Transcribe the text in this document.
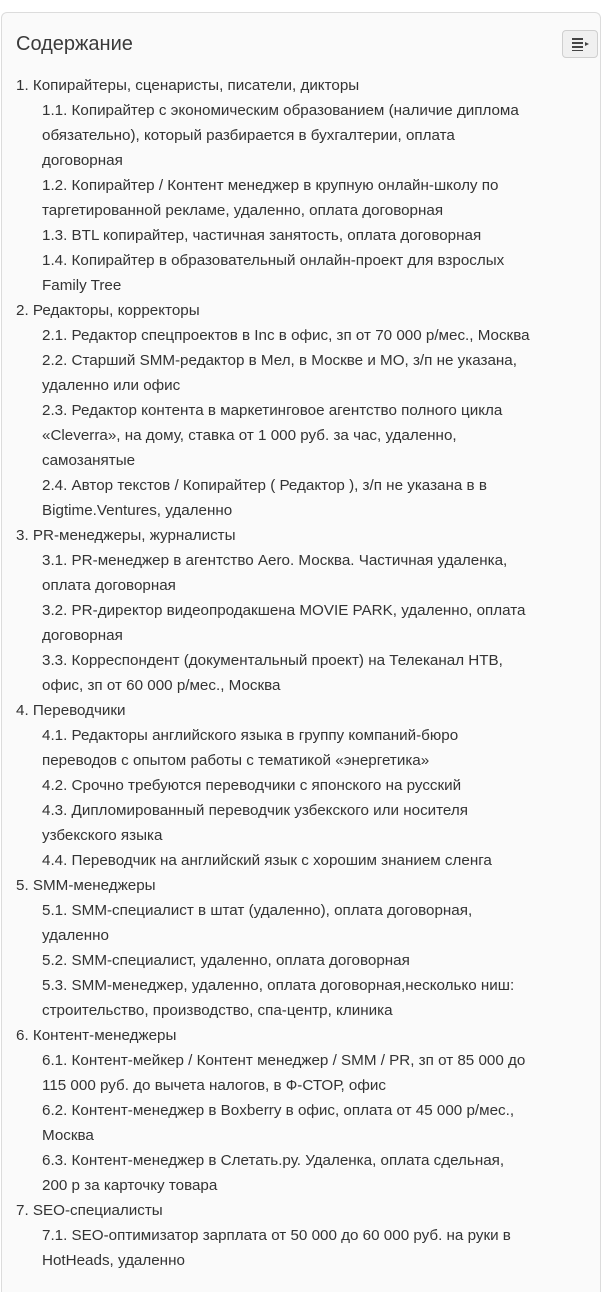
Содержание
1. Копирайтеры, сценаристы, писатели, дикторы
1.1. Копирайтер с экономическим образованием (наличие диплома
обязательно), который разбирается в бухгалтерии, оплата
договорная
1.2. Копирайтер / Контент менеджер в крупную онлайн-школу по
таргетированной рекламе, удаленно, оплата договорная
1.3. BTL копирайтер, частичная занятость, оплата договорная
1.4. Копирайтер в образовательный онлайн-проект для взрослых
Family Tree
2. Редакторы, корректоры
2.1. Редактор спецпроектов в Inc в офис, зп от 70 000 р/мес., Москва
2.2. Старший SMM-редактор в Мел, в Москве и МО, з/п не указана,
удаленно или офис
2.3. Редактор контента в маркетинговое агентство полного цикла
«Cleverra», на дому, ставка от 1 000 руб. за час, удаленно,
самозанятые
2.4. Автор текстов / Копирайтер ( Редактор ), з/п не указана в в
Bigtime.Ventures, удаленно
3. PR-менеджеры, журналисты
3.1. PR-менеджер в агентство Aero. Москва. Частичная удаленка,
оплата договорная
3.2. PR-директор видеопродакшена MOVIE PARK, удаленно, оплата
договорная
3.3. Корреспондент (документальный проект) на Телеканал НТВ,
офис, зп от 60 000 р/мес., Москва
4. Переводчики
4.1. Редакторы английского языка в группу компаний-бюро
переводов с опытом работы с тематикой «энергетика»
4.2. Срочно требуются переводчики с японского на русский
4.3. Дипломированный переводчик узбекского или носителя
узбекского языка
4.4. Переводчик на английский язык с хорошим знанием сленга
5. SMM-менеджеры
5.1. SMM-специалист в штат (удаленно), оплата договорная,
удаленно
5.2. SMM-специалист, удаленно, оплата договорная
5.3. SMM-менеджер, удаленно, оплата договорная,несколько ниш:
строительство, производство, спа-центр, клиника
6. Контент-менеджеры
6.1. Контент-мейкер / Контент менеджер / SMM / PR, зп от 85 000 до
115 000 руб. до вычета налогов, в Ф-СТОР, офис
6.2. Контент-менеджер в Boxberry в офис, оплата от 45 000 р/мес.,
Москва
6.3. Контент-менеджер в Слетать.ру. Удаленка, оплата сдельная,
200 р за карточку товара
7. SEO-специалисты
7.1. SEO-оптимизатор зарплата от 50 000 до 60 000 руб. на руки в
HotHeads, удаленно
